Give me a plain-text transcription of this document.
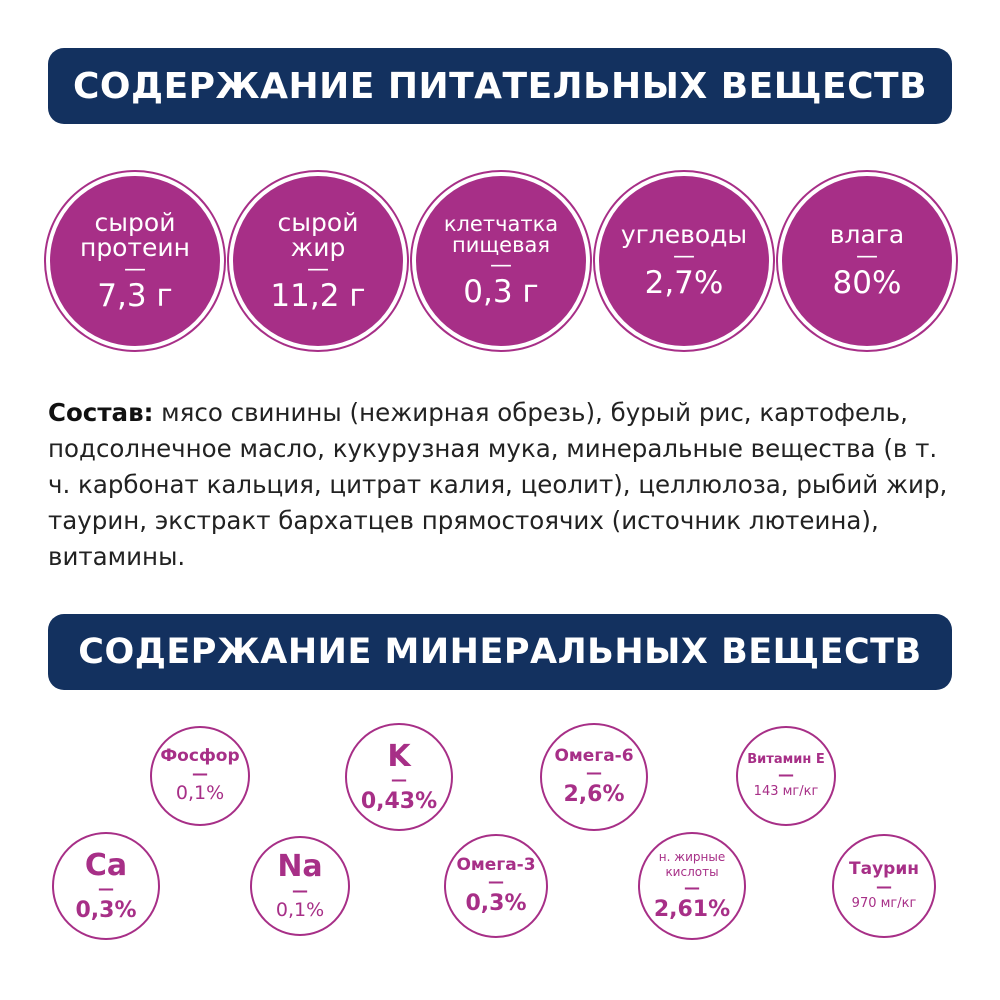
СОДЕРЖАНИЕ ПИТАТЕЛЬНЫХ ВЕЩЕСТВ
сырой
протеин
—
7,3 г
сырой
жир
—
11,2 г
клетчатка
пищевая
—
0,3 г
углеводы
—
2,7%
влага
—
80%
Состав: мясо свинины (нежирная обрезь), бурый рис, картофель, подсолнечное масло, кукурузная мука, минеральные вещества (в т. ч. карбонат кальция, цитрат калия, цеолит), целлюлоза, рыбий жир, таурин, экстракт бархатцев прямостоячих (источник лютеина), витамины.
СОДЕРЖАНИЕ МИНЕРАЛЬНЫХ ВЕЩЕСТВ
Фосфор
—
0,1%
K
—
0,43%
Омега-6
—
2,6%
Витамин Е
—
143 мг/кг
Ca
—
0,3%
Na
—
0,1%
Омега-3
—
0,3%
н. жирные
кислоты
—
2,61%
Таурин
—
970 мг/кг
